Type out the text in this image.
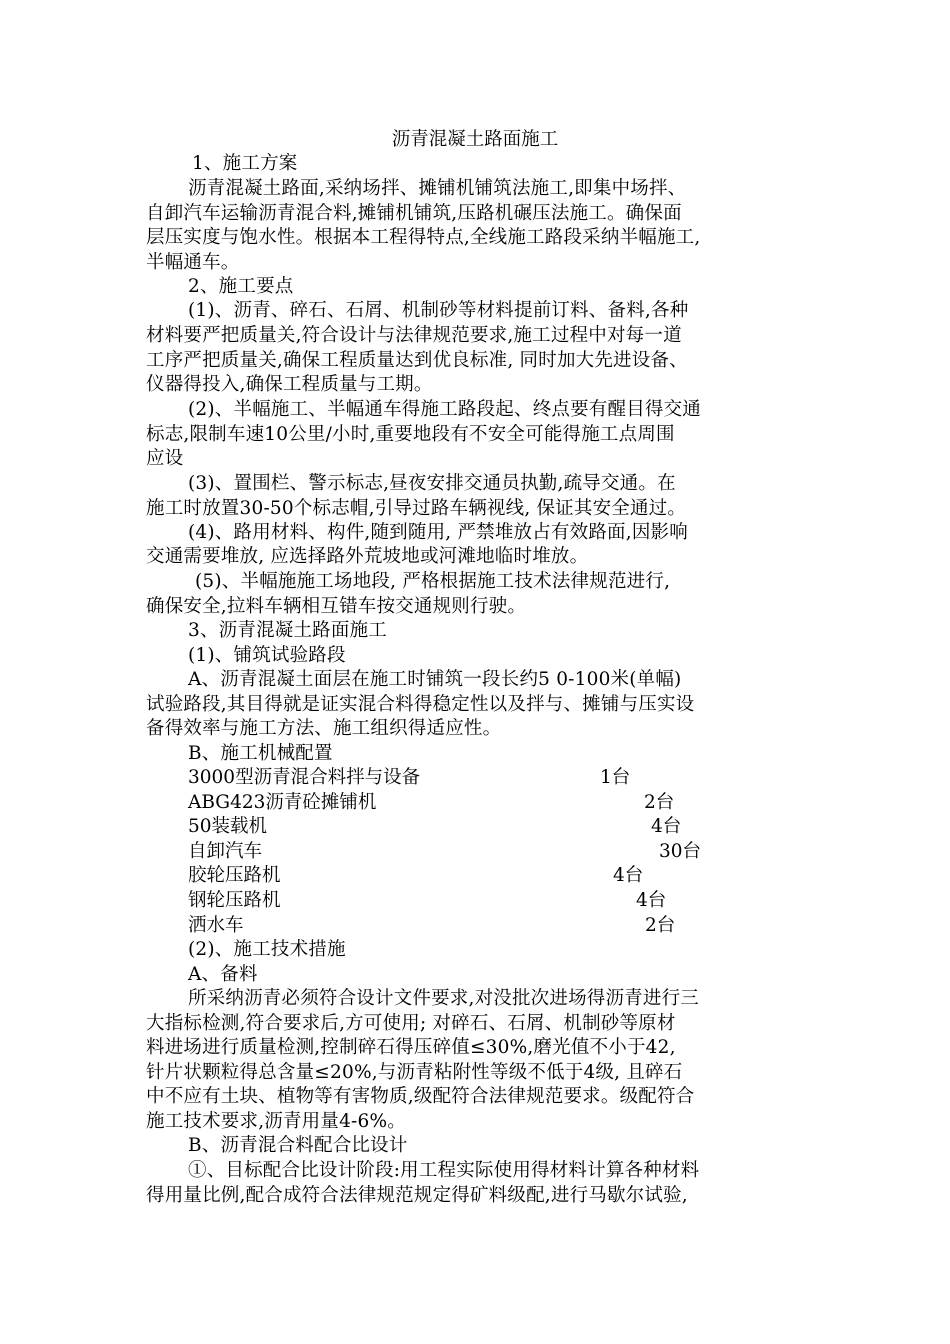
沥青混凝土路面施工
1、施工方案
沥青混凝土路面,采纳场拌、摊铺机铺筑法施工,即集中场拌、
自卸汽车运输沥青混合料,摊铺机铺筑,压路机碾压法施工。确保面
层压实度与饱水性。根据本工程得特点,全线施工路段采纳半幅施工,
半幅通车。
2、施工要点
(1)、沥青、碎石、石屑、机制砂等材料提前订料、备料,各种
材料要严把质量关,符合设计与法律规范要求,施工过程中对每一道
工序严把质量关,确保工程质量达到优良标准, 同时加大先进设备、
仪器得投入,确保工程质量与工期。
(2)、半幅施工、半幅通车得施工路段起、终点要有醒目得交通
标志,限制车速10公里/小时,重要地段有不安全可能得施工点周围
应设
(3)、置围栏、警示标志,昼夜安排交通员执勤,疏导交通。在
施工时放置30-50个标志帽,引导过路车辆视线, 保证其安全通过。
(4)、路用材料、构件,随到随用, 严禁堆放占有效路面,因影响
交通需要堆放, 应选择路外荒坡地或河滩地临时堆放。
(5)、半幅施施工场地段, 严格根据施工技术法律规范进行,
确保安全,拉料车辆相互错车按交通规则行驶。
3、沥青混凝土路面施工
(1)、铺筑试验路段
A、沥青混凝土面层在施工时铺筑一段长约5 0-100米(单幅)
试验路段,其目得就是证实混合料得稳定性以及拌与、摊铺与压实设
备得效率与施工方法、施工组织得适应性。
B、施工机械配置
3000型沥青混合料拌与设备	1台
ABG423沥青砼摊铺机	2台
50装载机	4台
自卸汽车	30台
胶轮压路机	4台
钢轮压路机	4台
洒水车	2台
(2)、施工技术措施
A、备料
所采纳沥青必须符合设计文件要求,对没批次进场得沥青进行三
大指标检测,符合要求后,方可使用; 对碎石、石屑、机制砂等原材
料进场进行质量检测,控制碎石得压碎值≤30%,磨光值不小于42,
针片状颗粒得总含量≤20%,与沥青粘附性等级不低于4级, 且碎石
中不应有土块、植物等有害物质,级配符合法律规范要求。级配符合
施工技术要求,沥青用量4-6%。
B、沥青混合料配合比设计
①、目标配合比设计阶段:用工程实际使用得材料计算各种材料
得用量比例,配合成符合法律规范规定得矿料级配,进行马歇尔试验,
